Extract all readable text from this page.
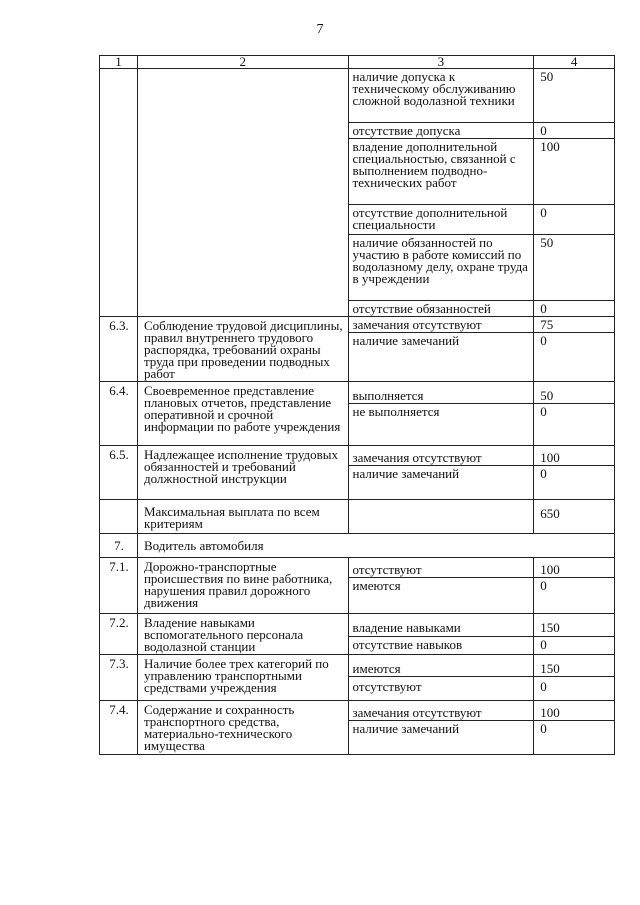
7
1	2	3	4
		наличие допуска к техническому обслуживанию сложной водолазной техники	50
		отсутствие допуска	0
		владение дополнительной специальностью, связанной с выполнением подводно-технических работ	100
		отсутствие дополнительной специальности	0
		наличие обязанностей по участию в работе комиссий по водолазному делу, охране труда в учреждении	50
		отсутствие обязанностей	0
6.3.	Соблюдение трудовой дисциплины, правил внутреннего трудового распорядка, требований охраны труда при проведении подводных работ	замечания отсутствуют	75
		наличие замечаний	0
6.4.	Своевременное представление плановых отчетов, представление оперативной и срочной информации по работе учреждения	выполняется	50
		не выполняется	0
6.5.	Надлежащее исполнение трудовых обязанностей и требований должностной инструкции	замечания отсутствуют	100
		наличие замечаний	0
	Максимальная выплата по всем критериям		650
7.	Водитель автомобиля		
7.1.	Дорожно-транспортные происшествия по вине работника, нарушения правил дорожного движения	отсутствуют	100
		имеются	0
7.2.	Владение навыками вспомогательного персонала водолазной станции	владение навыками	150
		отсутствие навыков	0
7.3.	Наличие более трех категорий по управлению транспортными средствами учреждения	имеются	150
		отсутствуют	0
7.4.	Содержание и сохранность транспортного средства, материально-технического имущества	замечания отсутствуют	100
		наличие замечаний	0
